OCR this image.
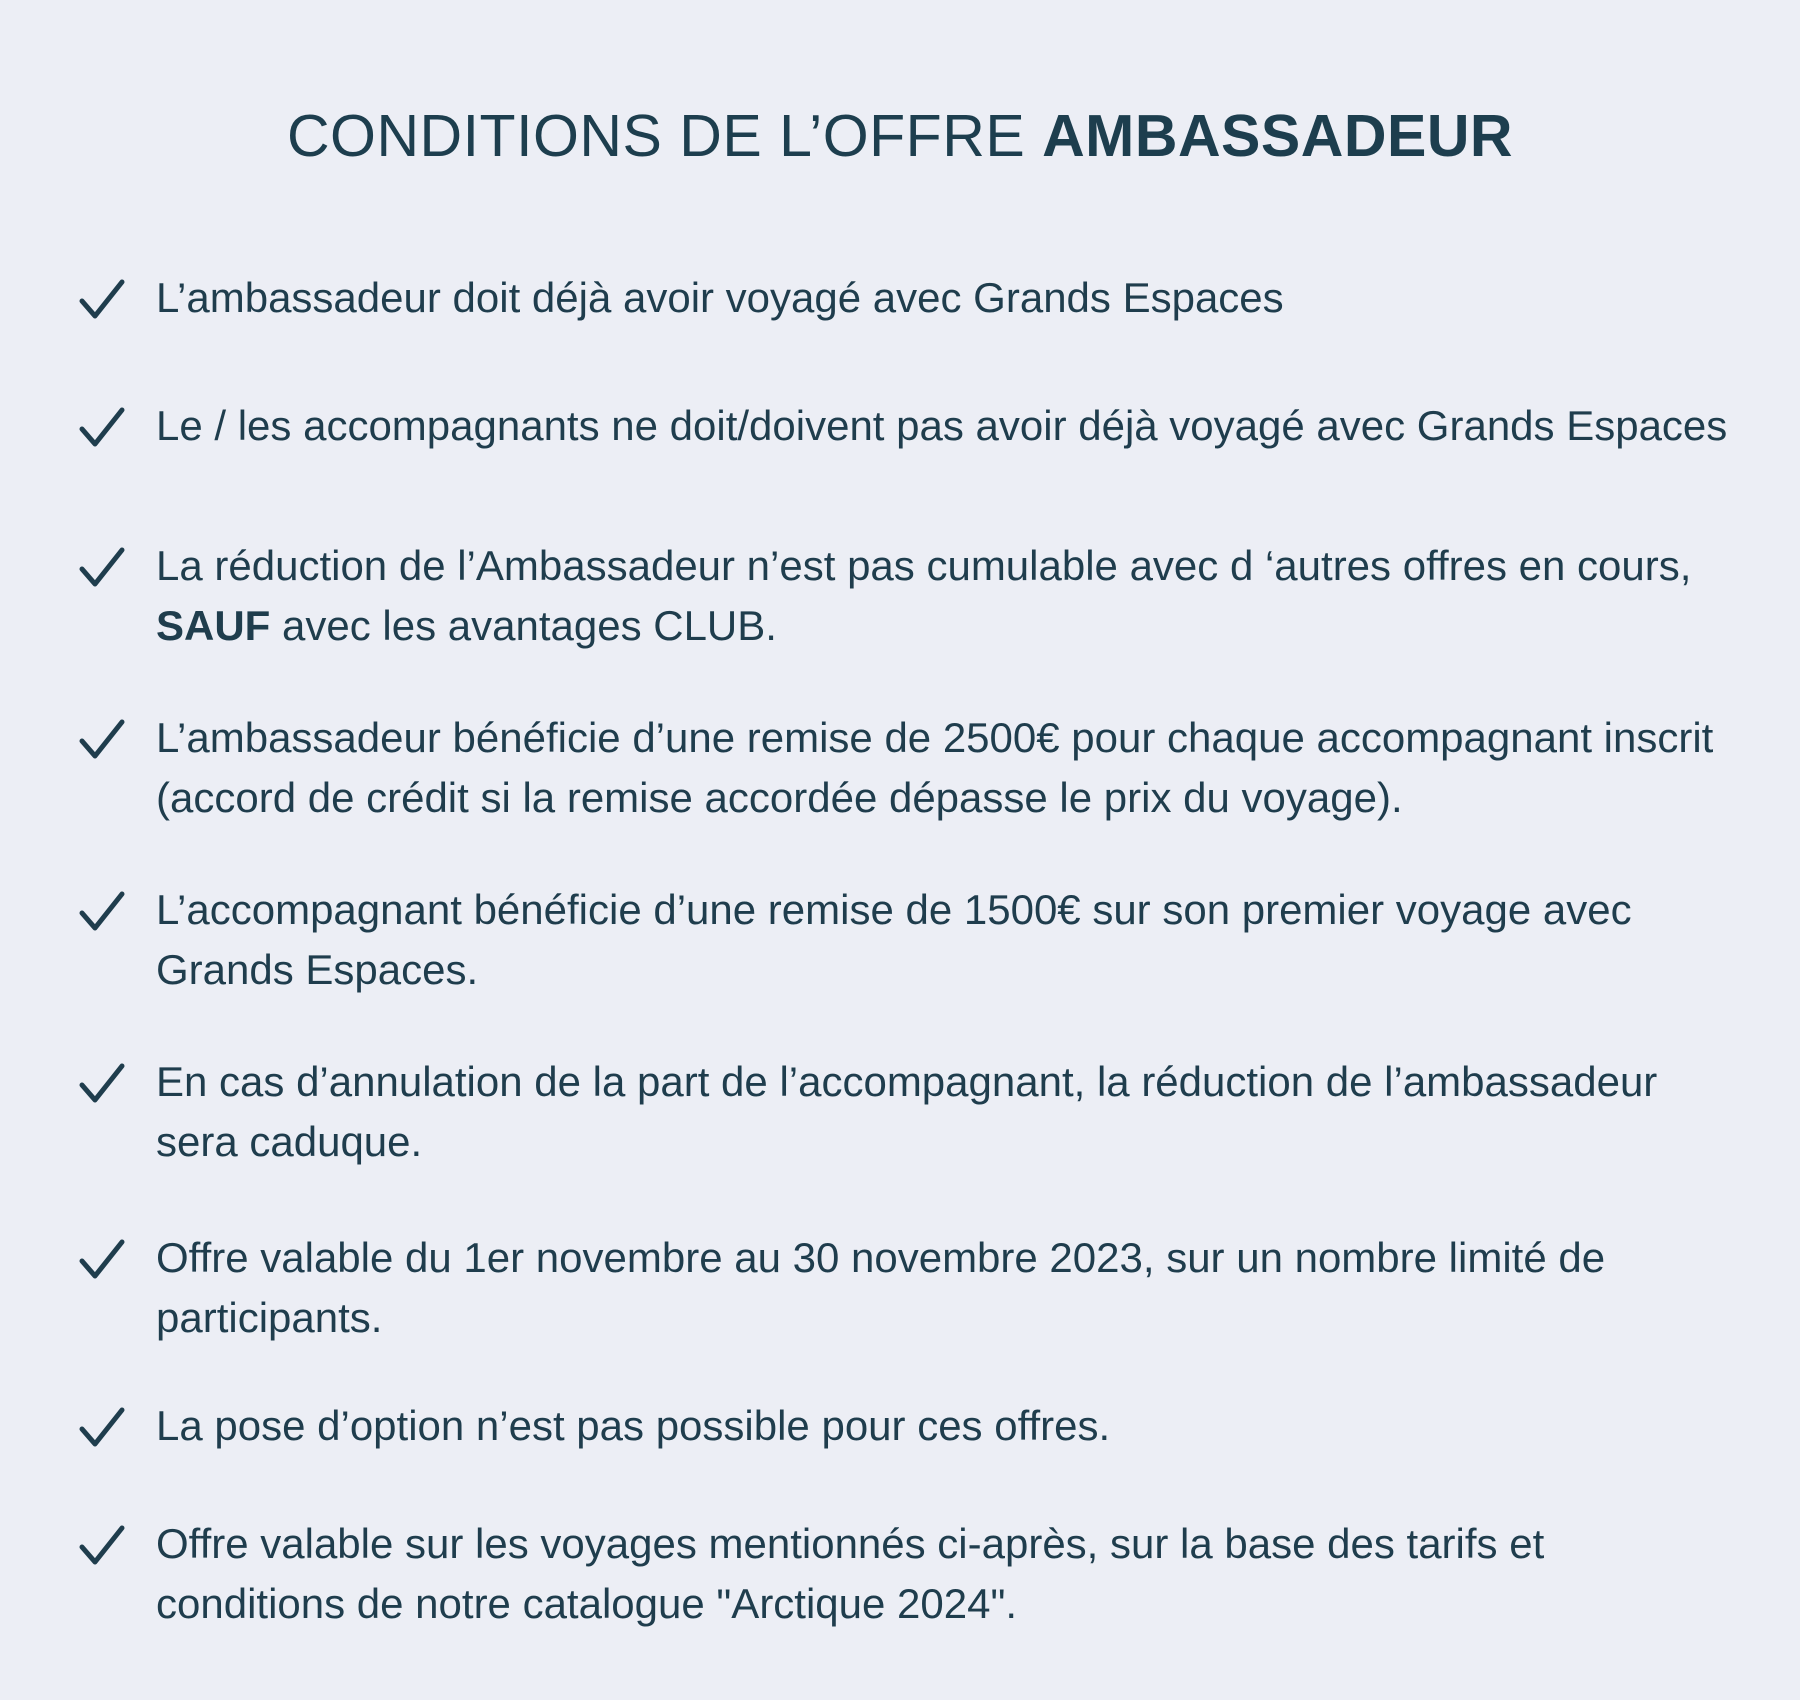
CONDITIONS DE L’OFFRE AMBASSADEUR
L’ambassadeur doit déjà avoir voyagé avec Grands Espaces
Le / les accompagnants ne doit/doivent pas avoir déjà voyagé avec Grands Espaces
La réduction de l’Ambassadeur n’est pas cumulable avec d ‘autres offres en cours, SAUF avec les avantages CLUB.
L’ambassadeur bénéficie d’une remise de 2500€ pour chaque accompagnant inscrit (accord de crédit si la remise accordée dépasse le prix du voyage).
L’accompagnant bénéficie d’une remise de 1500€ sur son premier voyage avec Grands Espaces.
En cas d’annulation de la part de l’accompagnant, la réduction de l’ambassadeur sera caduque.
Offre valable du 1er novembre au 30 novembre 2023, sur un nombre limité de participants.
La pose d’option n’est pas possible pour ces offres.
Offre valable sur les voyages mentionnés ci-après, sur la base des tarifs et conditions de notre catalogue "Arctique 2024".
